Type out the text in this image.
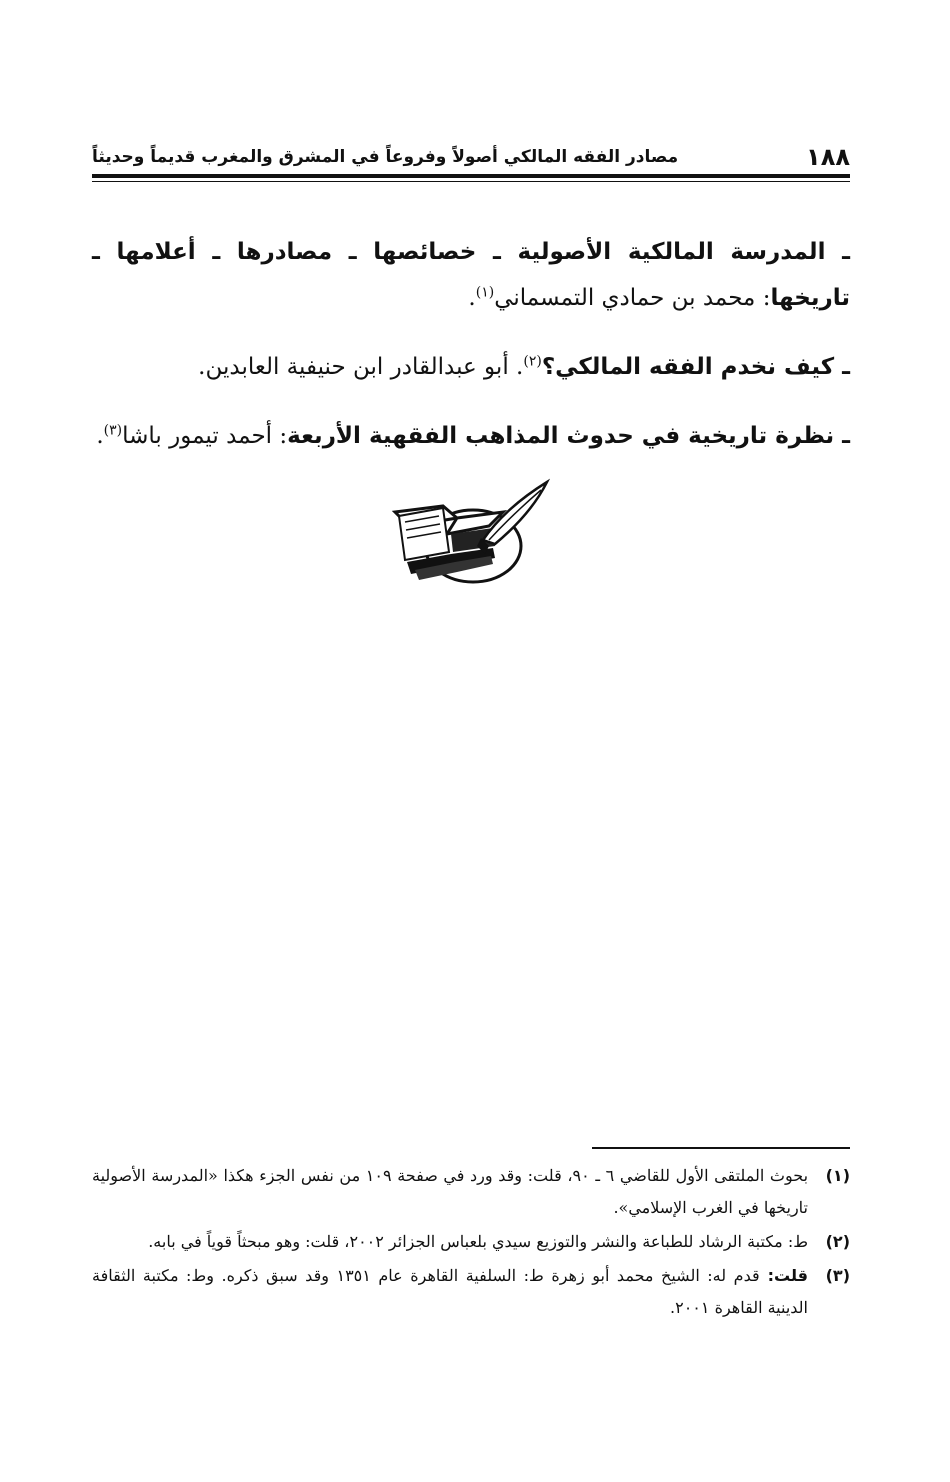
١٨٨
مصادر الفقه المالكي أصولاً وفروعاً في المشرق والمغرب قديماً وحديثاً

ـ المدرسة المالكية الأصولية ـ خصائصها ـ مصادرها ـ أعلامها ـ تاريخها: محمد بن حمادي التمسماني$^{(١)}$.

ـ كيف نخدم الفقه المالكي؟$^{(٢)}$. أبو عبدالقادر ابن حنيفية العابدين.

ـ نظرة تاريخية في حدوث المذاهب الفقهية الأربعة: أحمد تيمور باشا$^{(٣)}$.

(١)
بحوث الملتقى الأول للقاضي ٦ ـ ٩٠، قلت: وقد ورد في صفحة ١٠٩ من نفس الجزء هكذا «المدرسة الأصولية تاريخها في الغرب الإسلامي».
(٢)
ط: مكتبة الرشاد للطباعة والنشر والتوزيع سيدي بلعباس الجزائر ٢٠٠٢، قلت: وهو مبحثاً قوياً في بابه.
(٣)
قلت: قدم له: الشيخ محمد أبو زهرة ط: السلفية القاهرة عام ١٣٥١ وقد سبق ذكره. وط: مكتبة الثقافة الدينية القاهرة ٢٠٠١.
